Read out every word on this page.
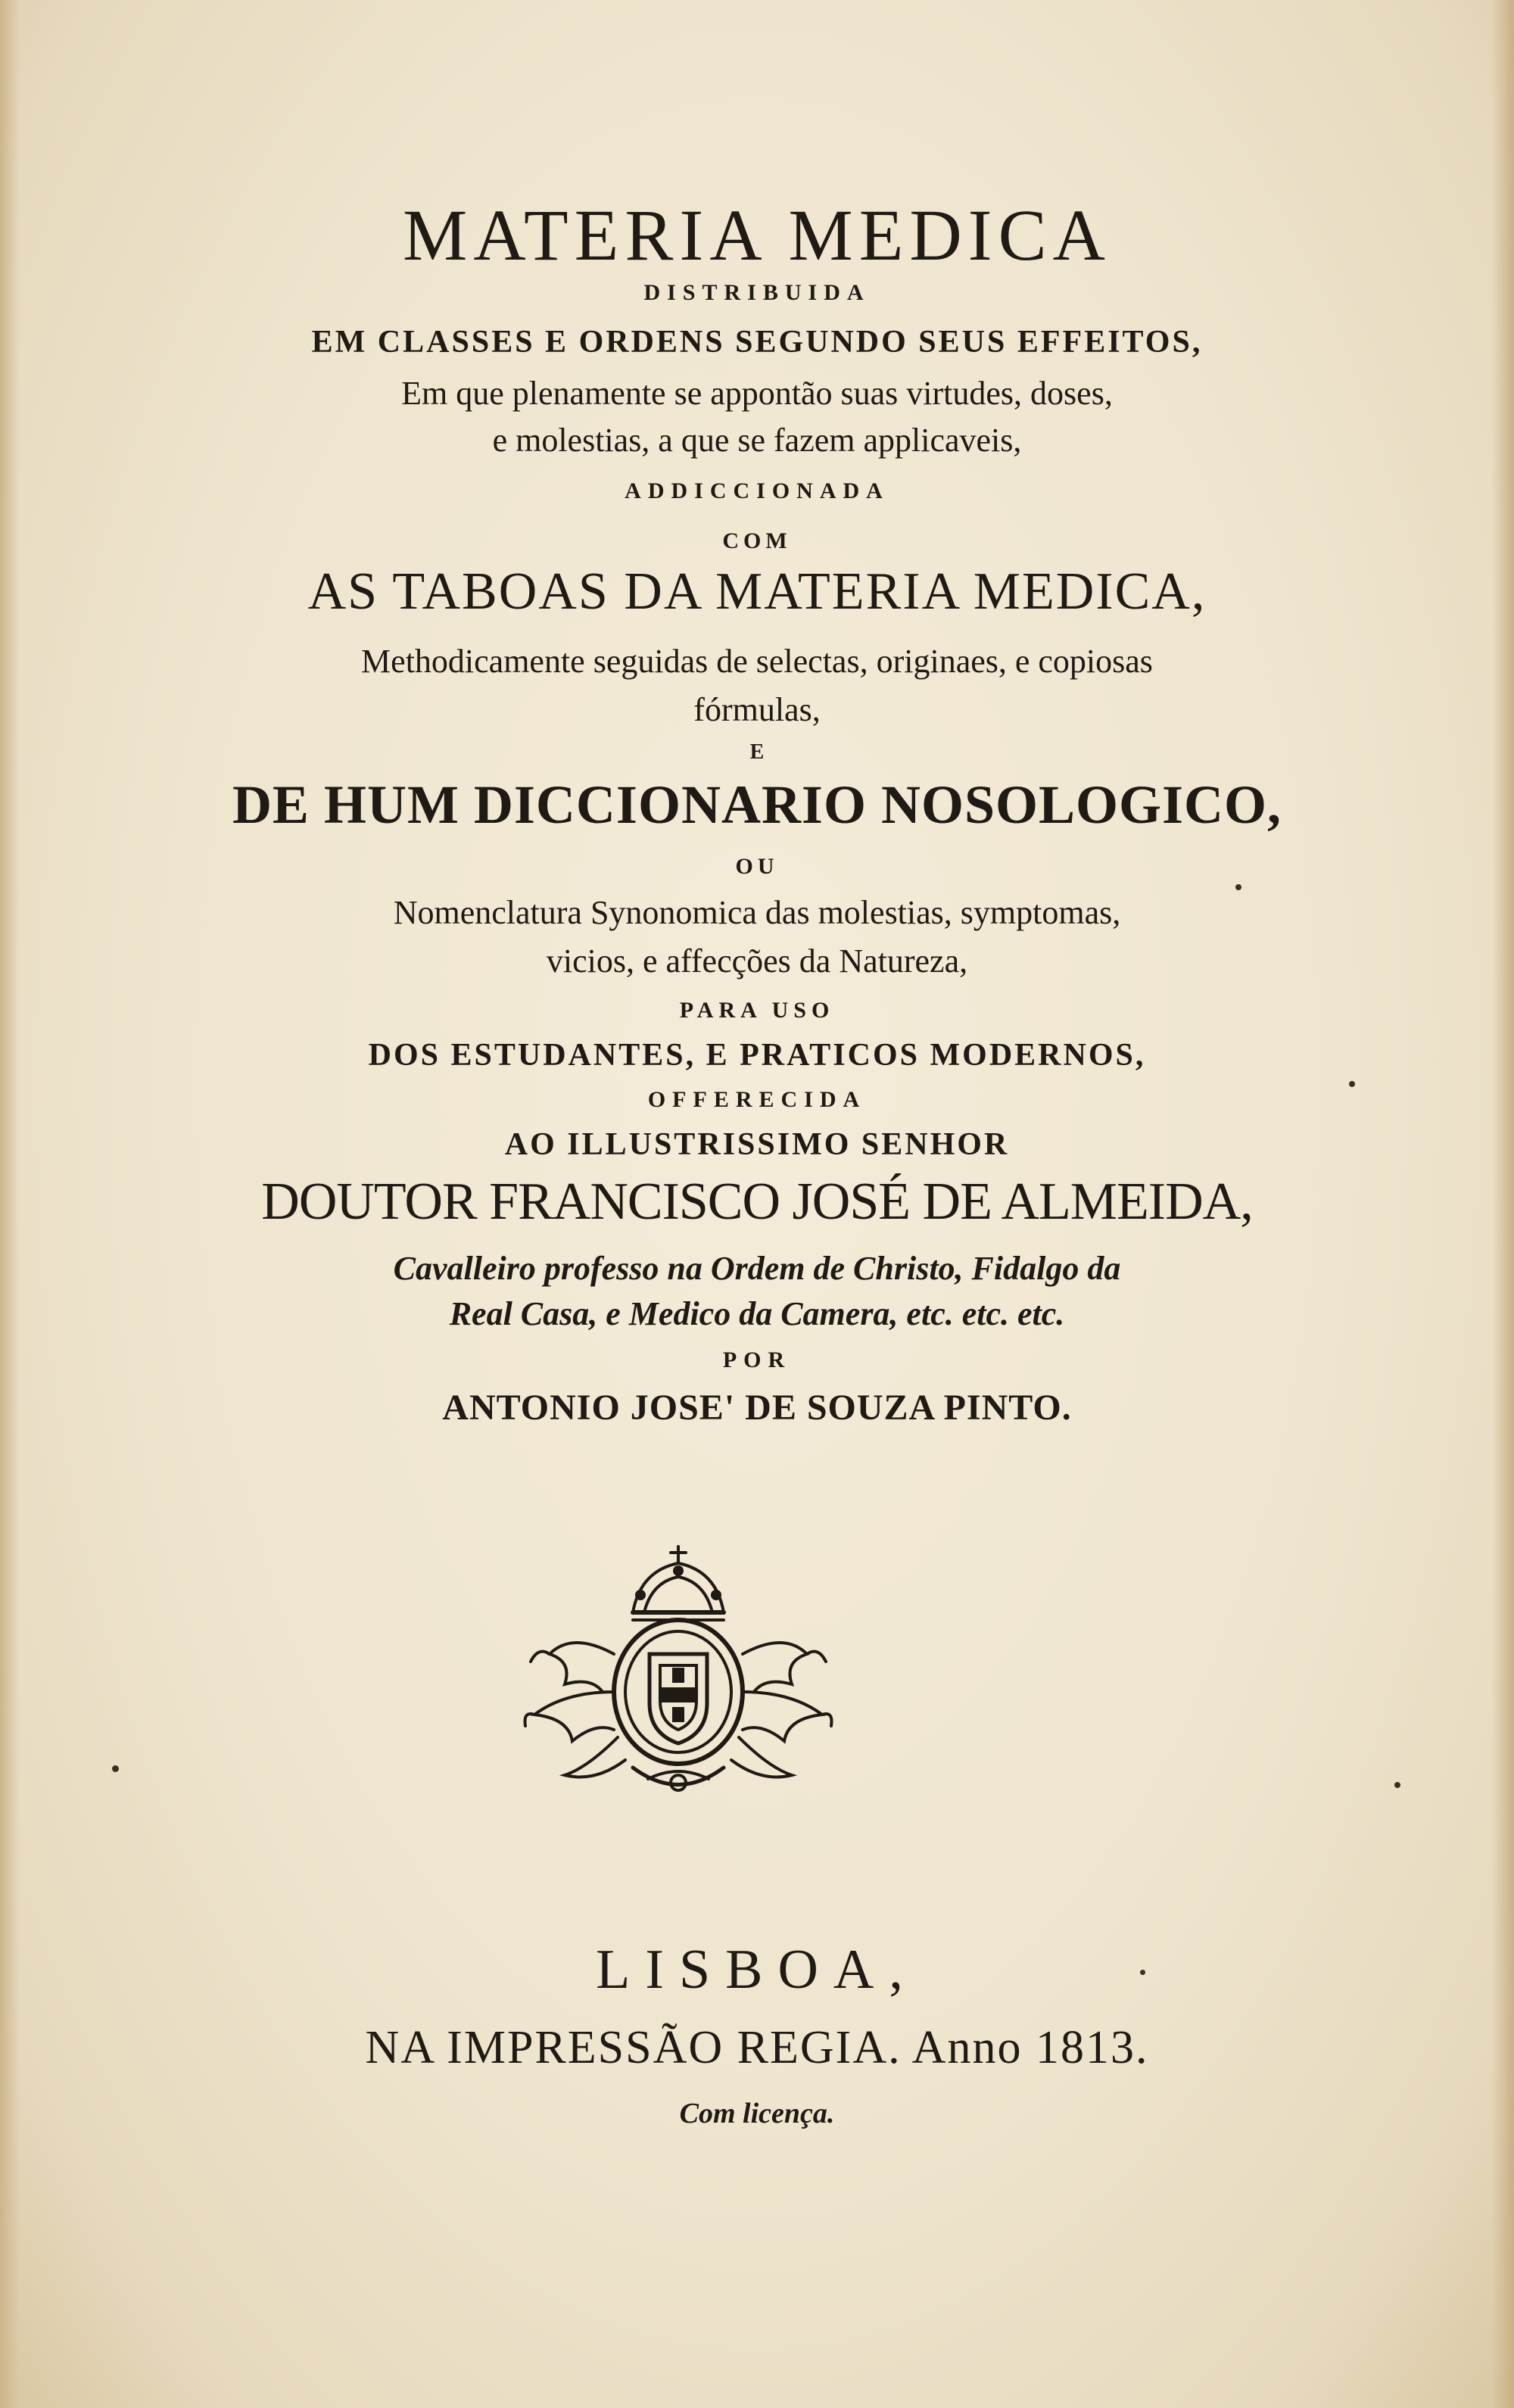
MATERIA MEDICA
DISTRIBUIDA
EM CLASSES E ORDENS SEGUNDO SEUS EFFEITOS,
Em que plenamente se appontão suas virtudes, doses,
e molestias, a que se fazem applicaveis,
ADDICCIONADA
COM
AS TABOAS DA MATERIA MEDICA,
Methodicamente seguidas de selectas, originaes, e copiosas
fórmulas,
E
DE HUM DICCIONARIO NOSOLOGICO,
OU
Nomenclatura Synonomica das molestias, symptomas,
vicios, e affecções da Natureza,
PARA USO
DOS ESTUDANTES, E PRATICOS MODERNOS,
OFFERECIDA
AO ILLUSTRISSIMO SENHOR
DOUTOR FRANCISCO JOSÉ DE ALMEIDA,
Cavalleiro professo na Ordem de Christo, Fidalgo da
Real Casa, e Medico da Camera, etc. etc. etc.
POR
ANTONIO JOSE' DE SOUZA PINTO.
LISBOA,
NA IMPRESSÃO REGIA. Anno 1813.
Com licença.
